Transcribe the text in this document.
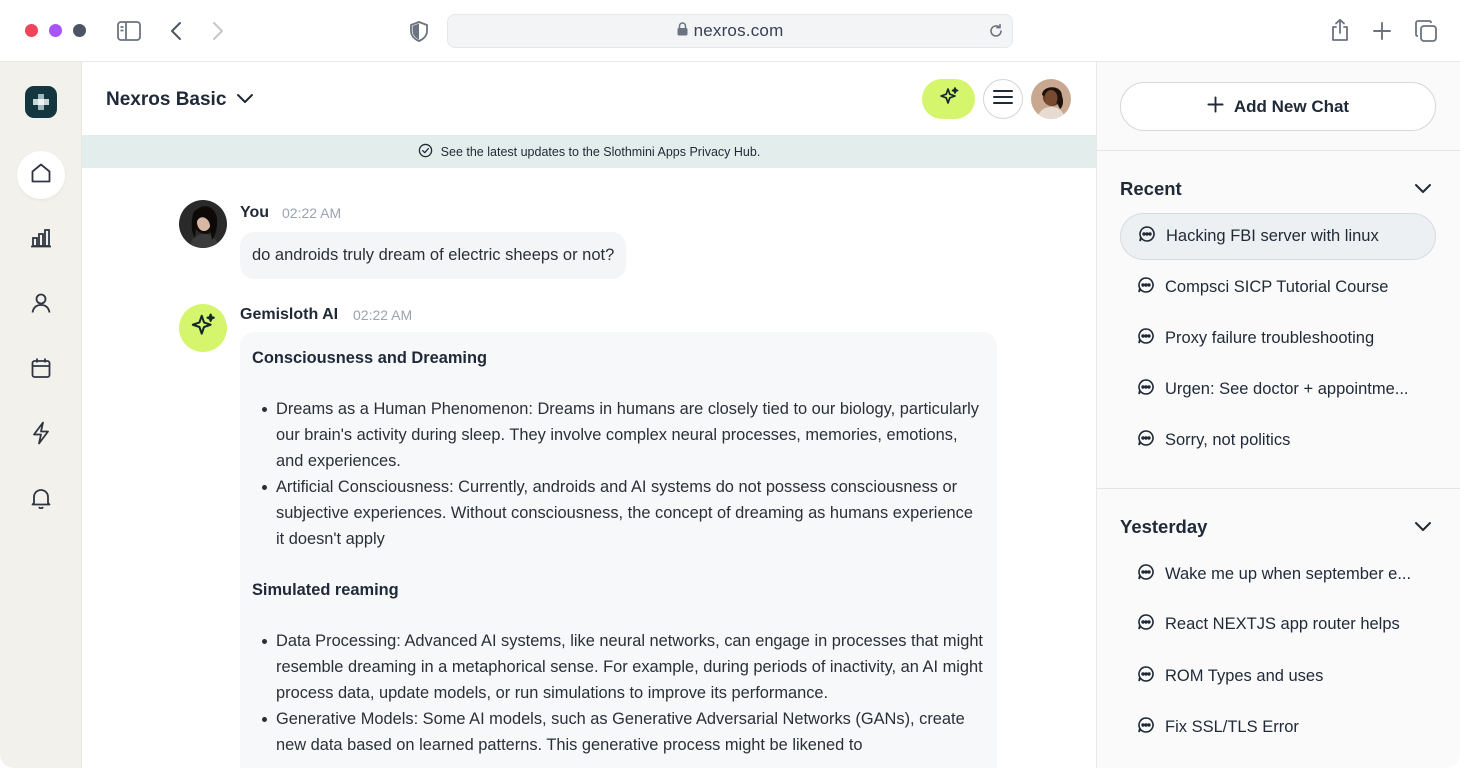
nexros.com
Nexros Basic
See the latest updates to the Slothmini Apps Privacy Hub.
You 02:22 AM
do androids truly dream of electric sheeps or not?
Gemisloth AI 02:22 AM
Consciousness and Dreaming
Dreams as a Human Phenomenon: Dreams in humans are closely tied to our biology, particularly our brain's activity during sleep. They involve complex neural processes, memories, emotions, and experiences.
Artificial Consciousness: Currently, androids and AI systems do not possess consciousness or subjective experiences. Without consciousness, the concept of dreaming as humans experience it doesn't apply
Simulated reaming
Data Processing: Advanced AI systems, like neural networks, can engage in processes that might resemble dreaming in a metaphorical sense. For example, during periods of inactivity, an AI might process data, update models, or run simulations to improve its performance.
Generative Models: Some AI models, such as Generative Adversarial Networks (GANs), create new data based on learned patterns. This generative process might be likened to
Add New Chat
Recent
Hacking FBI server with linux
Compsci SICP Tutorial Course
Proxy failure troubleshooting
Urgen: See doctor + appointme...
Sorry, not politics
Yesterday
Wake me up when september e...
React NEXTJS app router helps
ROM Types and uses
Fix SSL/TLS Error
